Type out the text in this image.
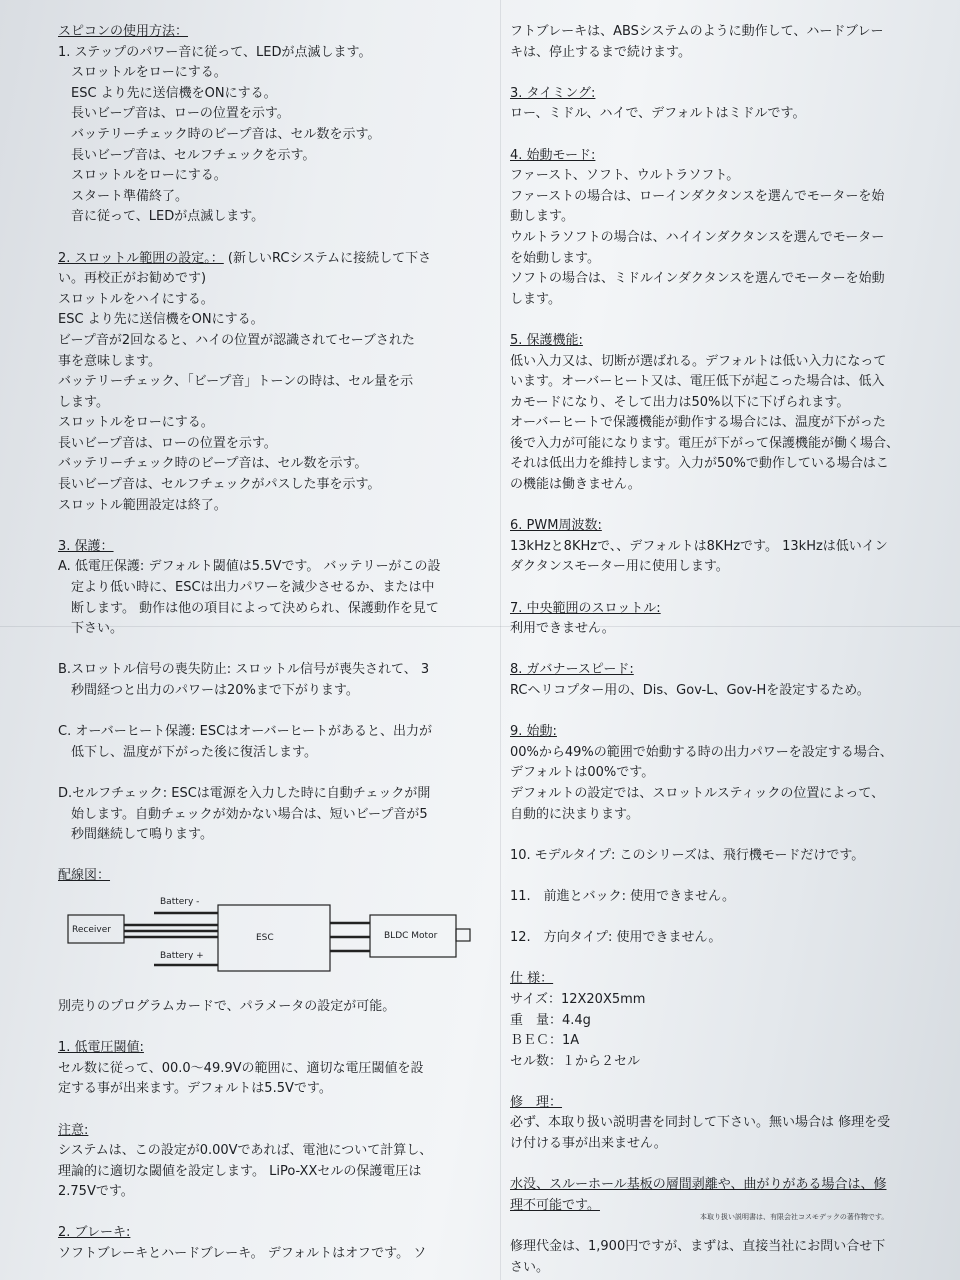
スピコンの使用方法：
1. ステップのパワー音に従って、LEDが点滅します。
　スロットルをローにする。
　ESC より先に送信機をONにする。
　長いビープ音は、ローの位置を示す。
　バッテリーチェック時のビープ音は、セル数を示す。
　長いビープ音は、セルフチェックを示す。
　スロットルをローにする。
　スタート準備終了。
　音に従って、LEDが点滅します。
2. スロットル範囲の設定。： (新しいRCシステムに接続して下さ
い。再校正がお勧めです)
スロットルをハイにする。
ESC より先に送信機をONにする。
ビープ音が2回なると、ハイの位置が認識されてセーブされた
事を意味します。
バッテリーチェック、「ビープ音」トーンの時は、セル量を示
します。
スロットルをローにする。
長いビープ音は、ローの位置を示す。
バッテリーチェック時のビープ音は、セル数を示す。
長いビープ音は、セルフチェックがパスした事を示す。
スロットル範囲設定は終了。
3. 保護：
A. 低電圧保護: デフォルト閾値は5.5Vです。 バッテリーがこの設
　定より低い時に、ESCは出力パワーを減少させるか、または中
　断します。 動作は他の項目によって決められ、保護動作を見て
　下さい。
B.スロットル信号の喪失防止: スロットル信号が喪失されて、 3
　秒間経つと出力のパワーは20%まで下がります。
C. オーバーヒート保護: ESCはオーバーヒートがあると、出力が
　低下し、温度が下がった後に復活します。
D.セルフチェック: ESCは電源を入力した時に自動チェックが開
　始します。自動チェックが効かない場合は、短いビープ音が5
　秒間継続して鳴ります。
配線図：
Receiver
Battery -
Battery +
ESC	BLDC Motor
別売りのプログラムカードで、パラメータの設定が可能。
1. 低電圧閾値:
セル数に従って、00.0～49.9Vの範囲に、適切な電圧閾値を設
定する事が出来ます。デフォルトは5.5Vです。
注意:
システムは、この設定が0.00Vであれば、電池について計算し、
理論的に適切な閾値を設定します。 LiPo-XXセルの保護電圧は
2.75Vです。
2. ブレーキ:
ソフトブレーキとハードブレーキ。 デフォルトはオフです。 ソ
フトブレーキは、ABSシステムのように動作して、ハードブレー
キは、停止するまで続けます。
3. タイミング:
ロー、ミドル、ハイで、デフォルトはミドルです。
4. 始動モード:
ファースト、ソフト、ウルトラソフト。
ファーストの場合は、ローインダクタンスを選んでモーターを始
動します。
ウルトラソフトの場合は、ハイインダクタンスを選んでモーター
を始動します。
ソフトの場合は、ミドルインダクタンスを選んでモーターを始動
します。
5. 保護機能:
低い入力又は、切断が選ばれる。デフォルトは低い入力になって
います。オーバーヒート又は、電圧低下が起こった場合は、低入
カモードになり、そして出力は50%以下に下げられます。
オーバーヒートで保護機能が動作する場合には、温度が下がった
後で入力が可能になります。電圧が下がって保護機能が働く場合、
それは低出力を維持します。入力が50%で動作している場合はこ
の機能は働きません。
6. PWM周波数:
13kHzと8KHzで、、デフォルトは8KHzです。 13kHzは低いイン
ダクタンスモーター用に使用します。
7. 中央範囲のスロットル:
利用できません。
8. ガバナースピード:
RCヘリコプター用の、Dis、Gov-L、Gov-Hを設定するため。
9. 始動:
00%から49%の範囲で始動する時の出力パワーを設定する場合、
デフォルトは00%です。
デフォルトの設定では、スロットルスティックの位置によって、
自動的に決まります。
10. モデルタイプ: このシリーズは、飛行機モードだけです。
11.　前進とバック: 使用できません。
12.　方向タイプ: 使用できません。
仕 様：
サイズ：12X20X5mm
重　量：4.4g
ＢＥＣ：1A
セル数：１から２セル
修　理：
必ず、本取り扱い説明書を同封して下さい。無い場合は 修理を受
け付ける事が出来ません。
水没、スルーホール基板の層間剥離や、曲がりがある場合は、修
理不可能です。
修理代金は、1,900円ですが、まずは、直接当社にお問い合せ下
さい。
本取り扱い説明書は、有限会社コスモデックの著作物です。
